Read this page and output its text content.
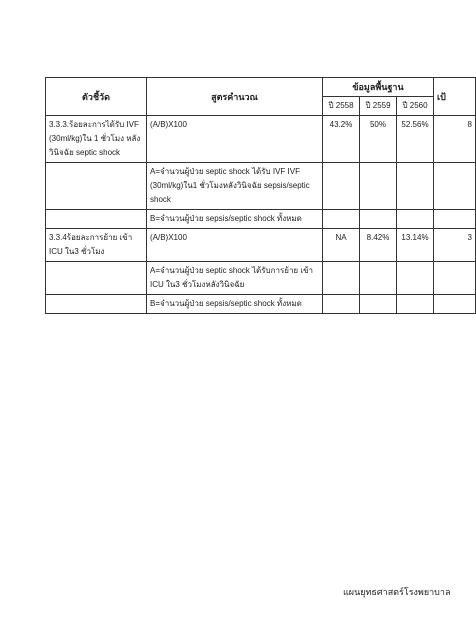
ตัวชี้วัด	สูตรคำนวณ	ข้อมูลพื้นฐาน			เป้
		ปี 2558	ปี 2559	ปี 2560	
3.3.3.ร้อยละการได้รับ IVF (30ml/kg)ใน 1 ชั่วโมง หลังวินิจฉัย septic shock	(A/B)X100	43.2%	50%	52.56%	8
	A=จำนวนผู้ป่วย septic shock ได้รับ IVF IVF (30ml/kg)ใน1 ชั่วโมงหลังวินิจฉัย sepsis/septic shock				
	B=จำนวนผู้ป่วย sepsis/septic shock ทั้งหมด				
3.3.4ร้อยละการย้าย เข้า ICU ใน3 ชั่วโมง	(A/B)X100	NA	8.42%	13.14%	3
	A=จำนวนผู้ป่วย septic shock ได้รับการย้าย เข้า ICU ใน3 ชั่วโมงหลังวินิจฉัย				
	B=จำนวนผู้ป่วย sepsis/septic shock ทั้งหมด				
แผนยุทธศาสตร์โรงพยาบาล
